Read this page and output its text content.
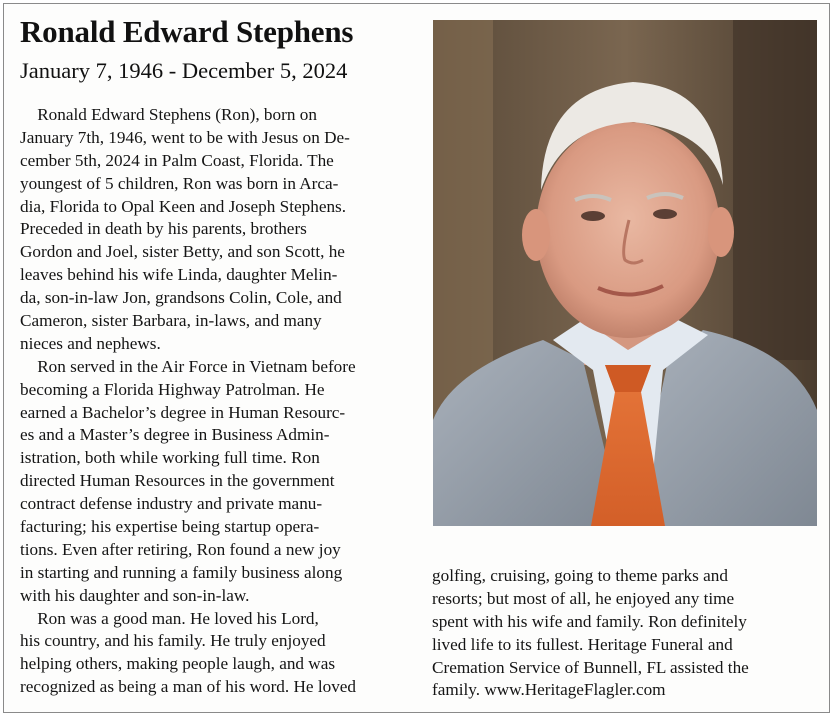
Ronald Edward Stephens
January 7, 1946 - December 5, 2024
Ronald Edward Stephens (Ron), born on
January 7th, 1946, went to be with Jesus on De-
cember 5th, 2024 in Palm Coast, Florida. The
youngest of 5 children, Ron was born in Arca-
dia, Florida to Opal Keen and Joseph Stephens.
Preceded in death by his parents, brothers
Gordon and Joel, sister Betty, and son Scott, he
leaves behind his wife Linda, daughter Melin-
da, son-in-law Jon, grandsons Colin, Cole, and
Cameron, sister Barbara, in-laws, and many
nieces and nephews.
Ron served in the Air Force in Vietnam before
becoming a Florida Highway Patrolman. He
earned a Bachelor’s degree in Human Resourc-
es and a Master’s degree in Business Admin-
istration, both while working full time. Ron
directed Human Resources in the government
contract defense industry and private manu-
facturing; his expertise being startup opera-
tions. Even after retiring, Ron found a new joy
in starting and running a family business along
with his daughter and son-in-law.
Ron was a good man. He loved his Lord,
his country, and his family. He truly enjoyed
helping others, making people laugh, and was
recognized as being a man of his word. He loved
golfing, cruising, going to theme parks and
resorts; but most of all, he enjoyed any time
spent with his wife and family. Ron definitely
lived life to its fullest. Heritage Funeral and
Cremation Service of Bunnell, FL assisted the
family. www.HeritageFlagler.com
